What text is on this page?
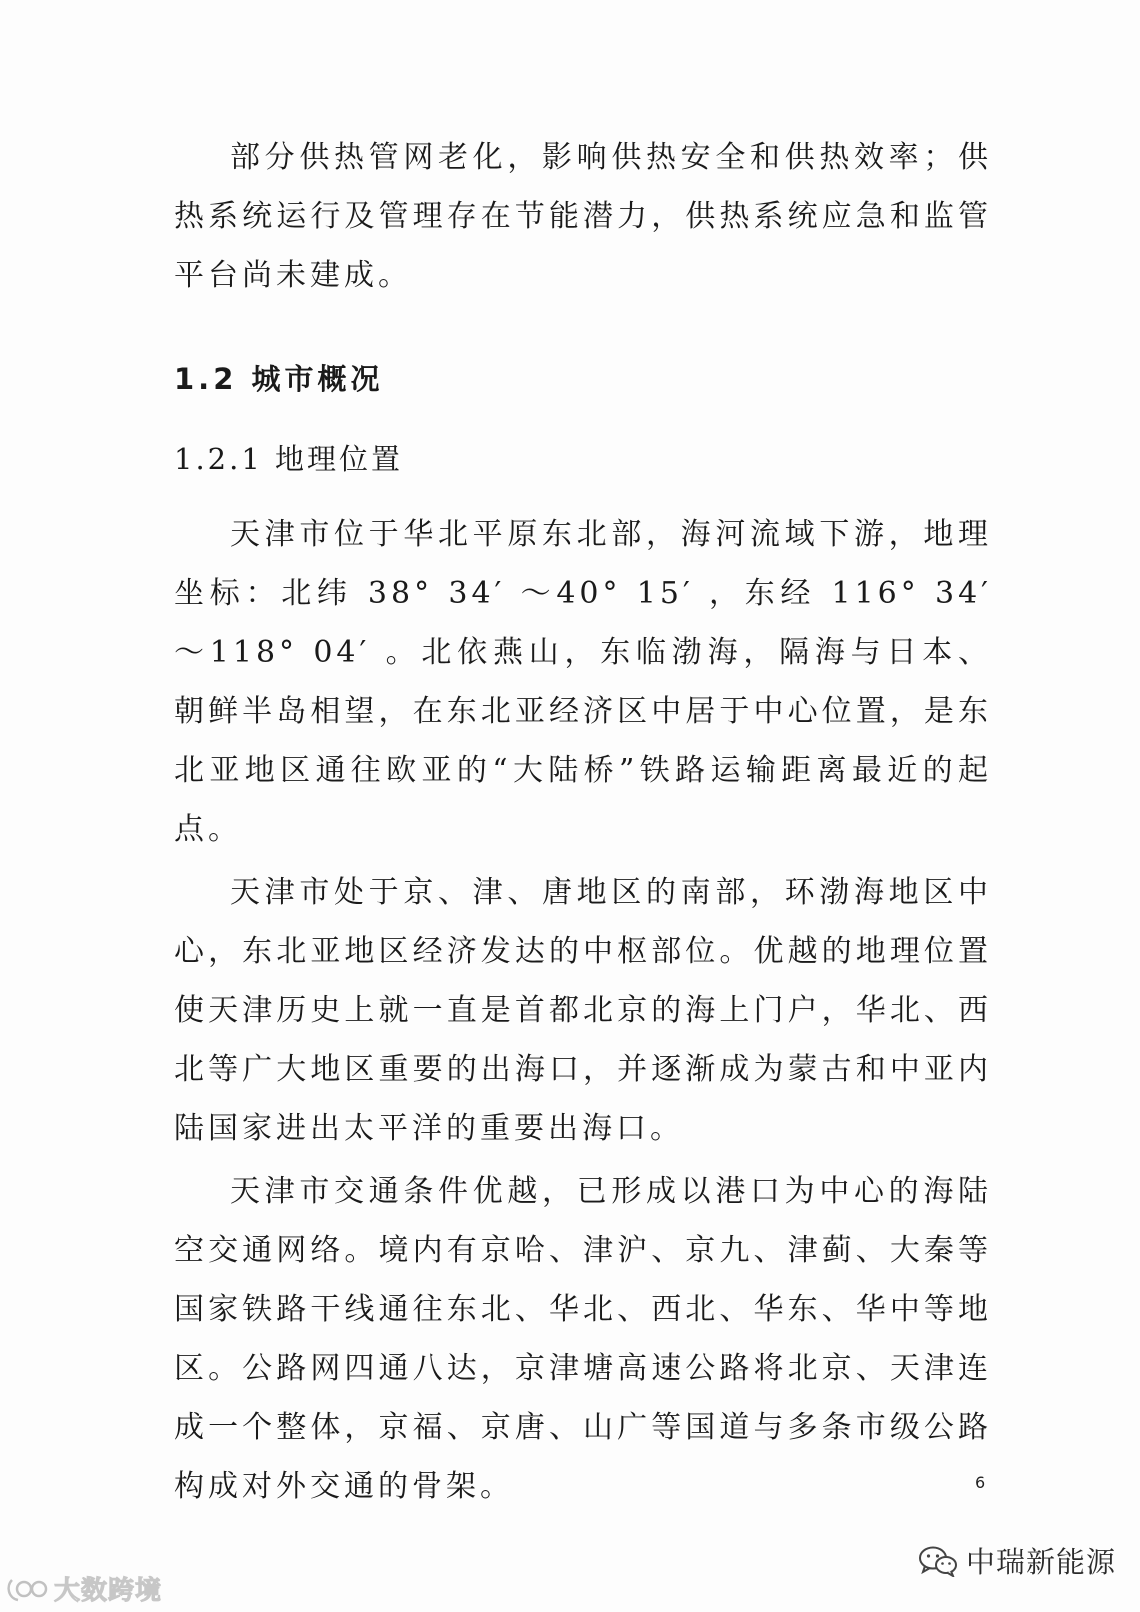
部分供热管网老化，影响供热安全和供热效率；供热系统运行及管理存在节能潜力，供热系统应急和监管平台尚未建成。

1.2 城市概况
1.2.1 地理位置

天津市位于华北平原东北部，海河流域下游，地理坐标：北纬 38° 34′ ～40° 15′ ，东经 116° 34′ ～118° 04′ 。北依燕山，东临渤海，隔海与日本、朝鲜半岛相望，在东北亚经济区中居于中心位置，是东北亚地区通往欧亚的“大陆桥”铁路运输距离最近的起点。

天津市处于京、津、唐地区的南部，环渤海地区中心，东北亚地区经济发达的中枢部位。优越的地理位置使天津历史上就一直是首都北京的海上门户，华北、西北等广大地区重要的出海口，并逐渐成为蒙古和中亚内陆国家进出太平洋的重要出海口。

天津市交通条件优越，已形成以港口为中心的海陆空交通网络。境内有京哈、津沪、京九、津蓟、大秦等国家铁路干线通往东北、华北、西北、华东、华中等地区。公路网四通八达，京津塘高速公路将北京、天津连成一个整体，京福、京唐、山广等国道与多条市级公路构成对外交通的骨架。	6
中瑞新能源
大数跨境
